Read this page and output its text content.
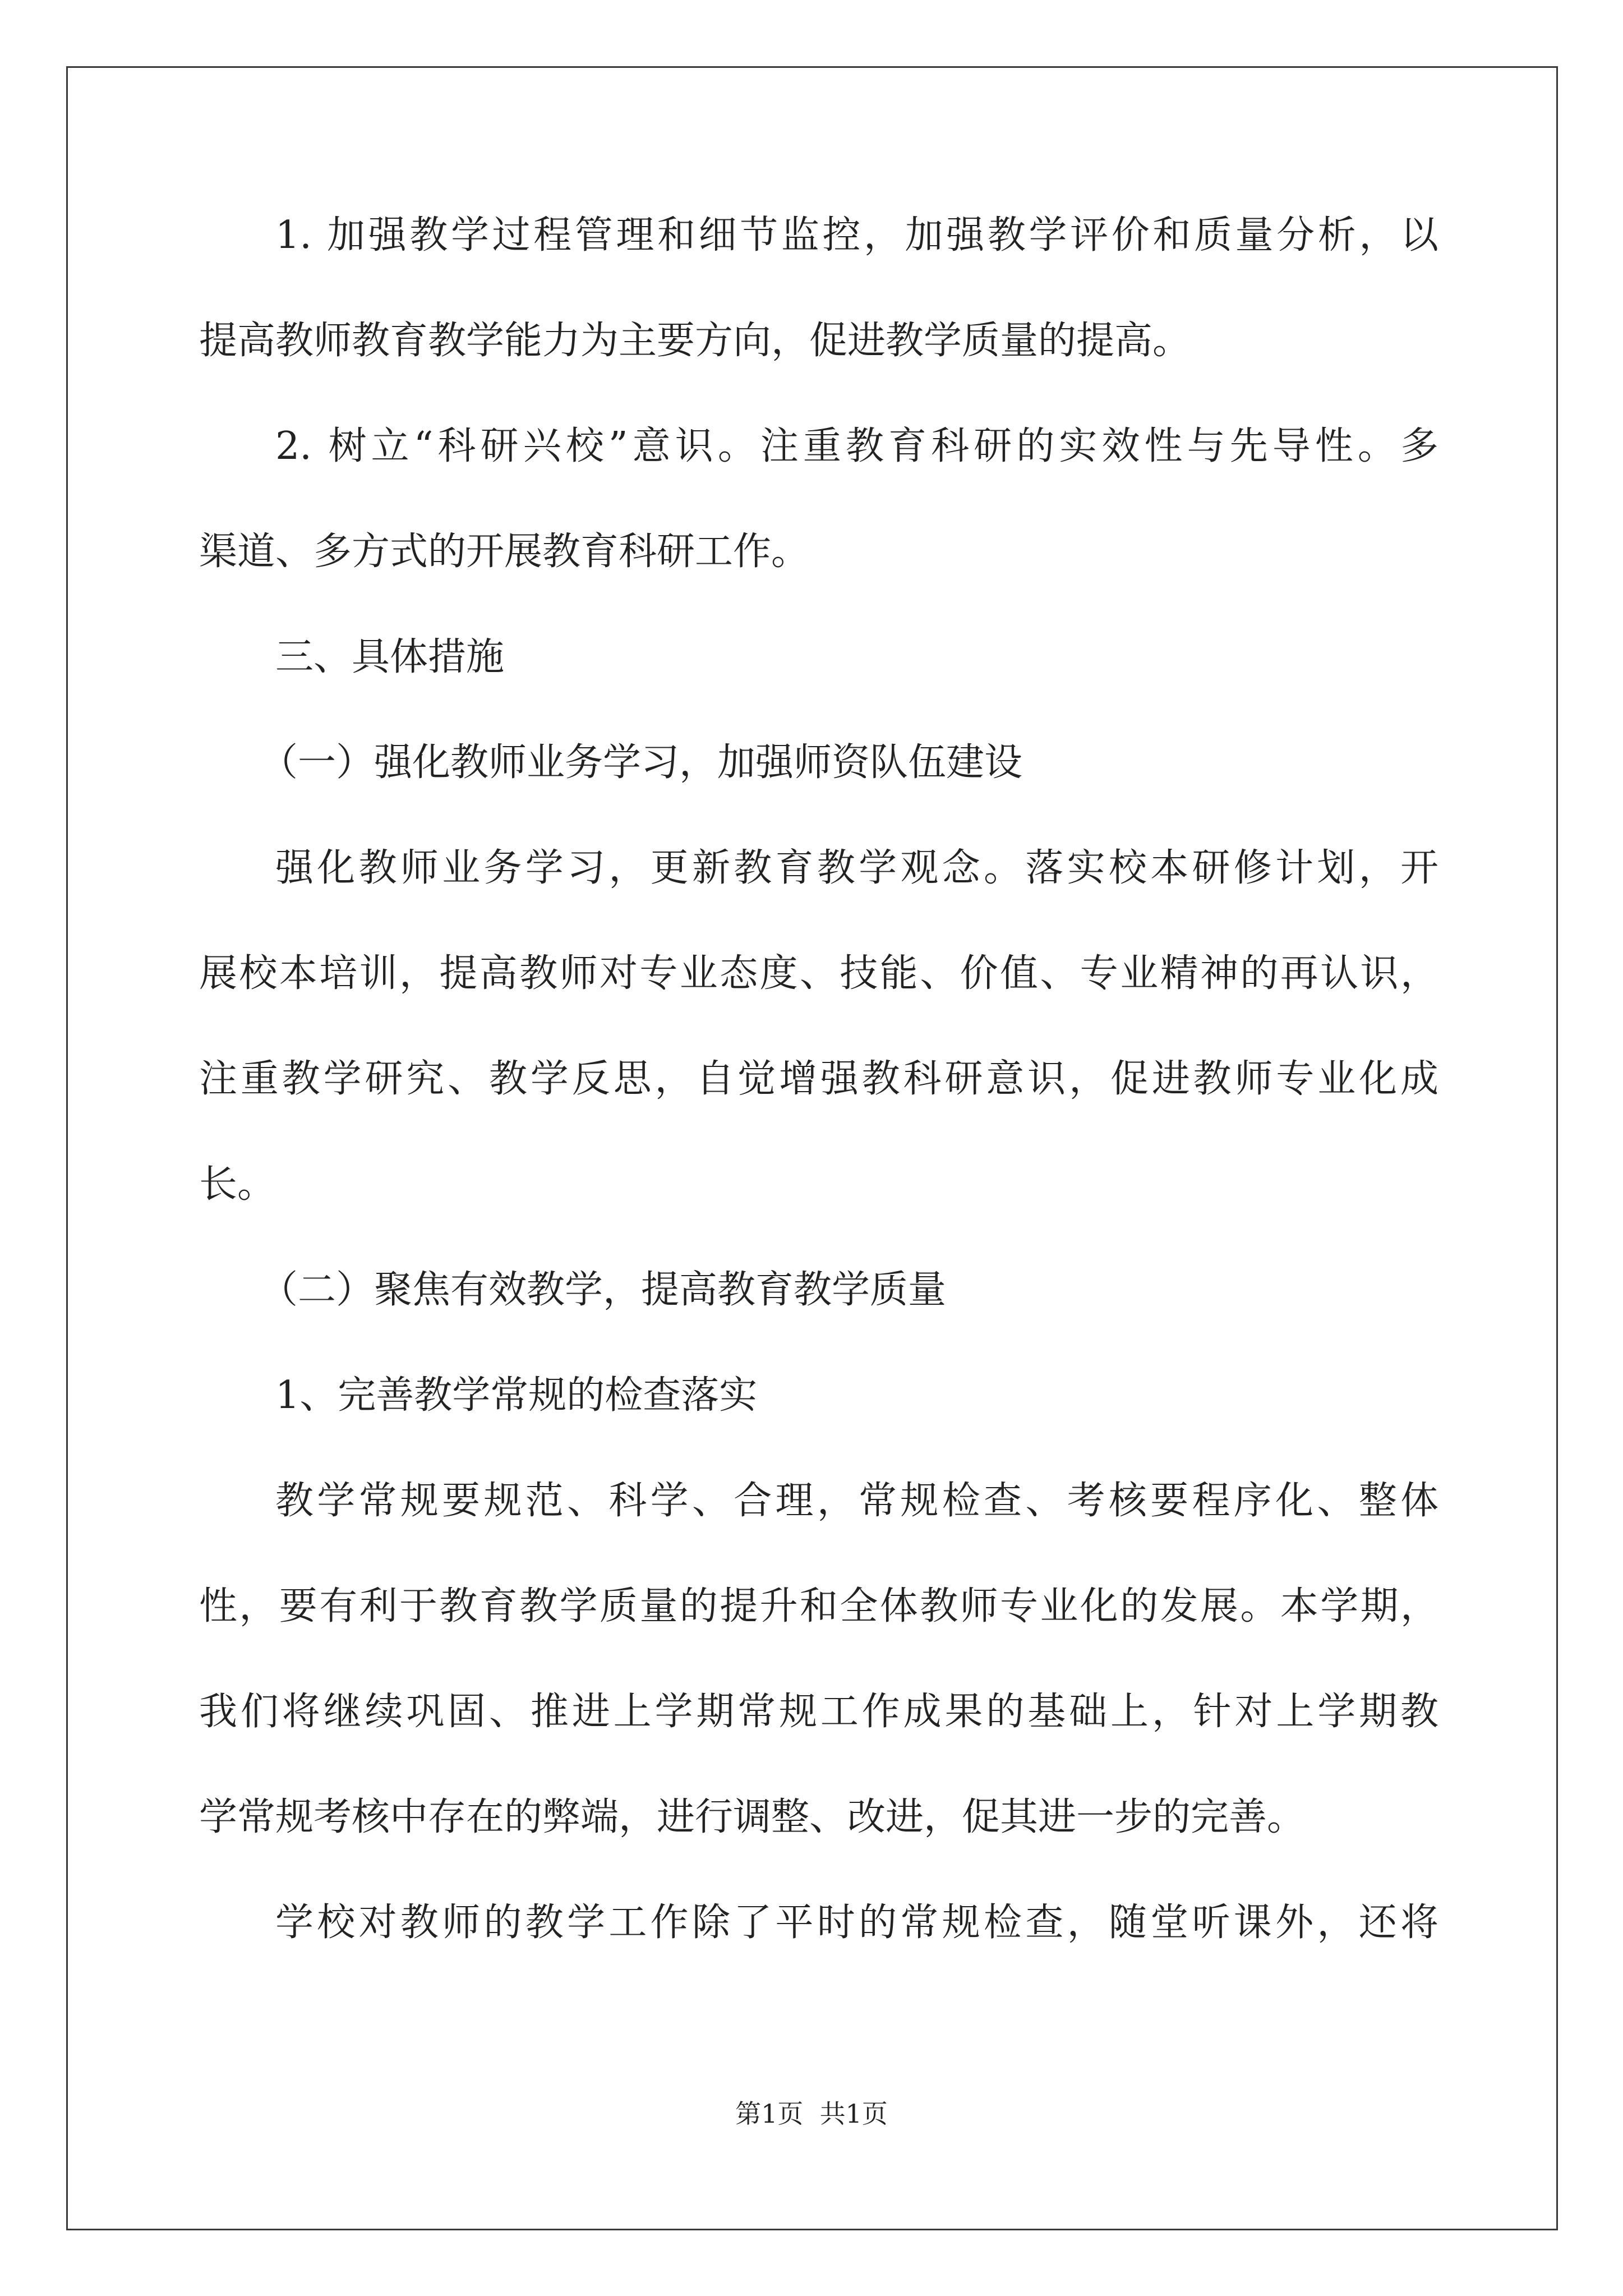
1. 加强教学过程管理和细节监控，加强教学评价和质量分析，以
提高教师教育教学能力为主要方向，促进教学质量的提高。
2. 树立“科研兴校”意识。注重教育科研的实效性与先导性。多
渠道、多方式的开展教育科研工作。
三、具体措施
（一）强化教师业务学习，加强师资队伍建设
强化教师业务学习，更新教育教学观念。落实校本研修计划，开
展校本培训，提高教师对专业态度、技能、价值、专业精神的再认识，
注重教学研究、教学反思，自觉增强教科研意识，促进教师专业化成
长。
（二）聚焦有效教学，提高教育教学质量
1、完善教学常规的检查落实
教学常规要规范、科学、合理，常规检查、考核要程序化、整体
性，要有利于教育教学质量的提升和全体教师专业化的发展。本学期，
我们将继续巩固、推进上学期常规工作成果的基础上，针对上学期教
学常规考核中存在的弊端，进行调整、改进，促其进一步的完善。
学校对教师的教学工作除了平时的常规检查，随堂听课外，还将
第1页  共1页
